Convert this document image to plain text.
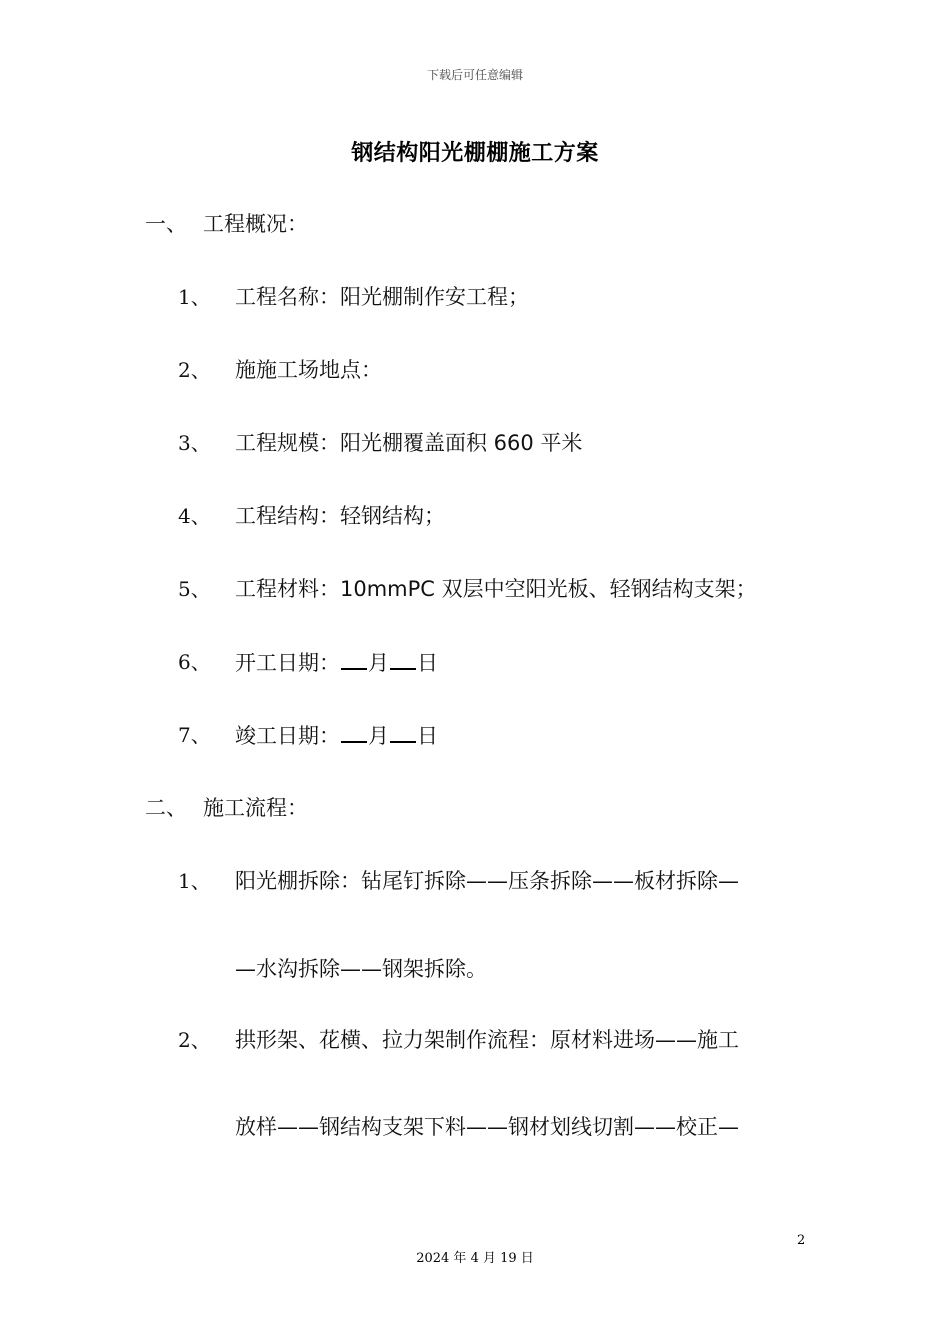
下载后可任意编辑
钢结构阳光棚棚施工方案
一、 工程概况：
1、 工程名称：阳光棚制作安工程；
2、 施施工场地点：
3、 工程规模：阳光棚覆盖面积 660 平米
4、 工程结构：轻钢结构；
5、 工程材料：10mmPC 双层中空阳光板、轻钢结构支架；
6、 开工日期： 月 日
7、 竣工日期： 月 日
二、 施工流程：
1、 阳光棚拆除：钻尾钉拆除——压条拆除——板材拆除—
—水沟拆除——钢架拆除。
2、 拱形架、花横、拉力架制作流程：原材料进场——施工
放样——钢结构支架下料——钢材划线切割——校正—
2
2024 年 4 月 19 日
